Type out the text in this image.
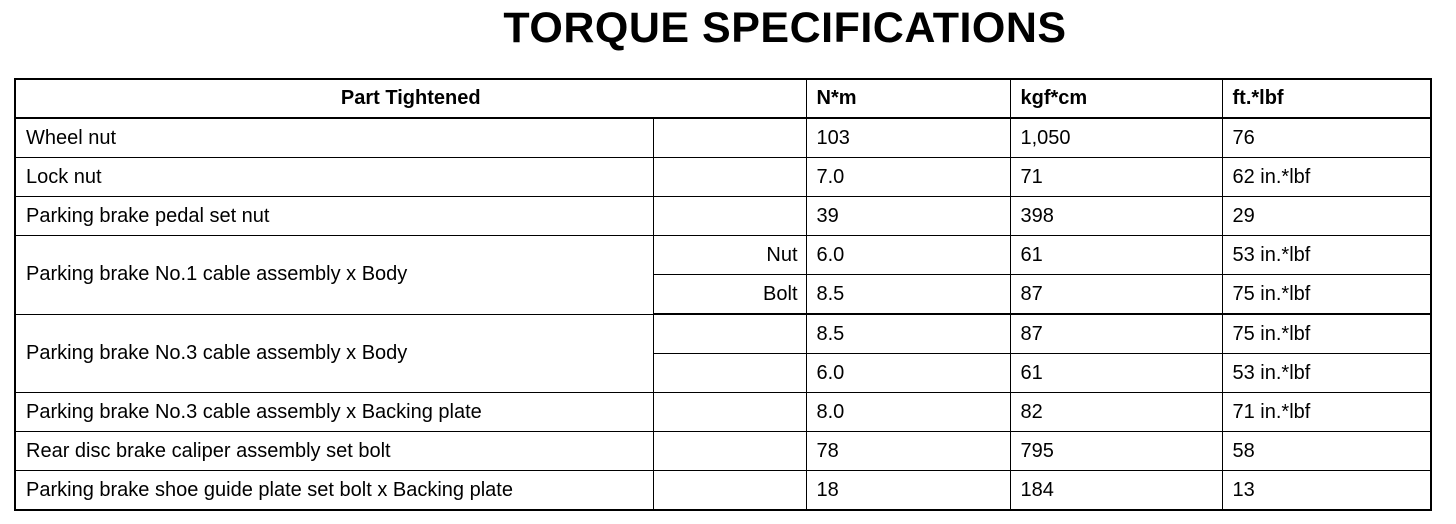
TORQUE SPECIFICATIONS
Part Tightened		N*m	kgf*cm	ft.*lbf
Wheel nut		103	1,050	76
Lock nut		7.0	71	62 in.*lbf
Parking brake pedal set nut		39	398	29
Parking brake No.1 cable assembly x Body	Nut	6.0	61	53 in.*lbf
	Bolt	8.5	87	75 in.*lbf
Parking brake No.3 cable assembly x Body		8.5	87	75 in.*lbf
		6.0	61	53 in.*lbf
Parking brake No.3 cable assembly x Backing plate		8.0	82	71 in.*lbf
Rear disc brake caliper assembly set bolt		78	795	58
Parking brake shoe guide plate set bolt x Backing plate		18	184	13
